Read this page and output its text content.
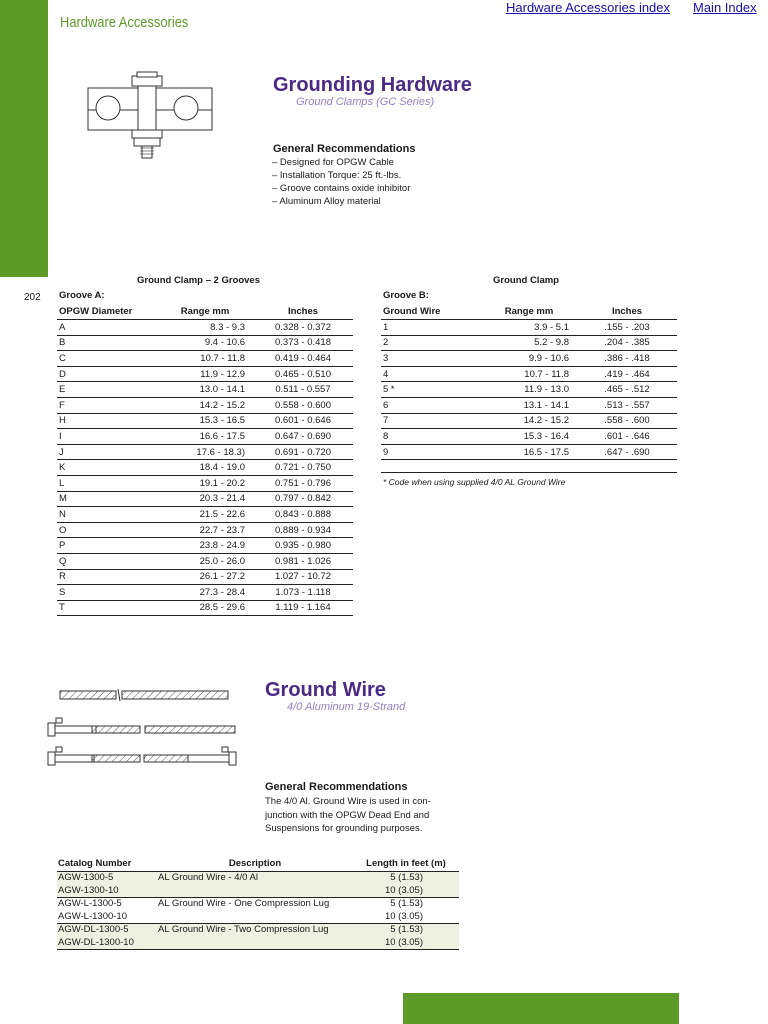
Hardware Accessories
Hardware Accessories index Main Index
Grounding Hardware
Ground Clamps (GC Series)
General Recommendations
– Designed for OPGW Cable
– Installation Torque: 25 ft.-lbs.
– Groove contains oxide inhibitor
– Aluminum Alloy material
202
Ground Clamp – 2 Grooves
Groove A:
OPGW Diameter	Range mm	Inches
A	8.3 - 9.3	0.328 - 0.372
B	9.4 - 10.6	0.373 - 0.418
C	10.7 - 11.8	0.419 - 0.464
D	11.9 - 12.9	0.465 - 0.510
E	13.0 - 14.1	0.511 - 0.557
F	14.2 - 15.2	0.558 - 0.600
H	15.3 - 16.5	0.601 - 0.646
I	16.6 - 17.5	0.647 - 0.690
J	17.6 - 18.3)	0.691 - 0.720
K	18.4 - 19.0	0.721 - 0.750
L	19.1 - 20.2	0.751 - 0.796
M	20.3 - 21.4	0.797 - 0.842
N	21.5 - 22.6	0.843 - 0.888
O	22.7 - 23.7	0.889 - 0.934
P	23.8 - 24.9	0.935 - 0.980
Q	25.0 - 26.0	0.981 - 1.026
R	26.1 - 27.2	1.027 - 10.72
S	27.3 - 28.4	1.073 - 1.118
T	28.5 - 29.6	1.119 - 1.164
Ground Clamp
Groove B:
Ground Wire	Range mm	Inches
1	3.9 - 5.1	.155 - .203
2	5.2 - 9.8	.204 - .385
3	9.9 - 10.6	.386 - .418
4	10.7 - 11.8	.419 - .464
5 *	11.9 - 13.0	.465 - .512
6	13.1 - 14.1	.513 - .557
7	14.2 - 15.2	.558 - .600
8	15.3 - 16.4	.601 - .646
9	16.5 - 17.5	.647 - .690
* Code when using supplied 4/0 AL Ground Wire
Ground Wire
4/0 Aluminum 19-Strand
General Recommendations
The 4/0 Al. Ground Wire is used in con-
junction with the OPGW Dead End and
Suspensions for grounding purposes.
Catalog Number	Description	Length in feet (m)
AGW-1300-5	AL Ground Wire - 4/0 Al	5 (1.53)
AGW-1300-10		10 (3.05)
AGW-L-1300-5	AL Ground Wire - One Compression Lug	5 (1.53)
AGW-L-1300-10		10 (3.05)
AGW-DL-1300-5	AL Ground Wire - Two Compression Lug	5 (1.53)
AGW-DL-1300-10		10 (3.05)
